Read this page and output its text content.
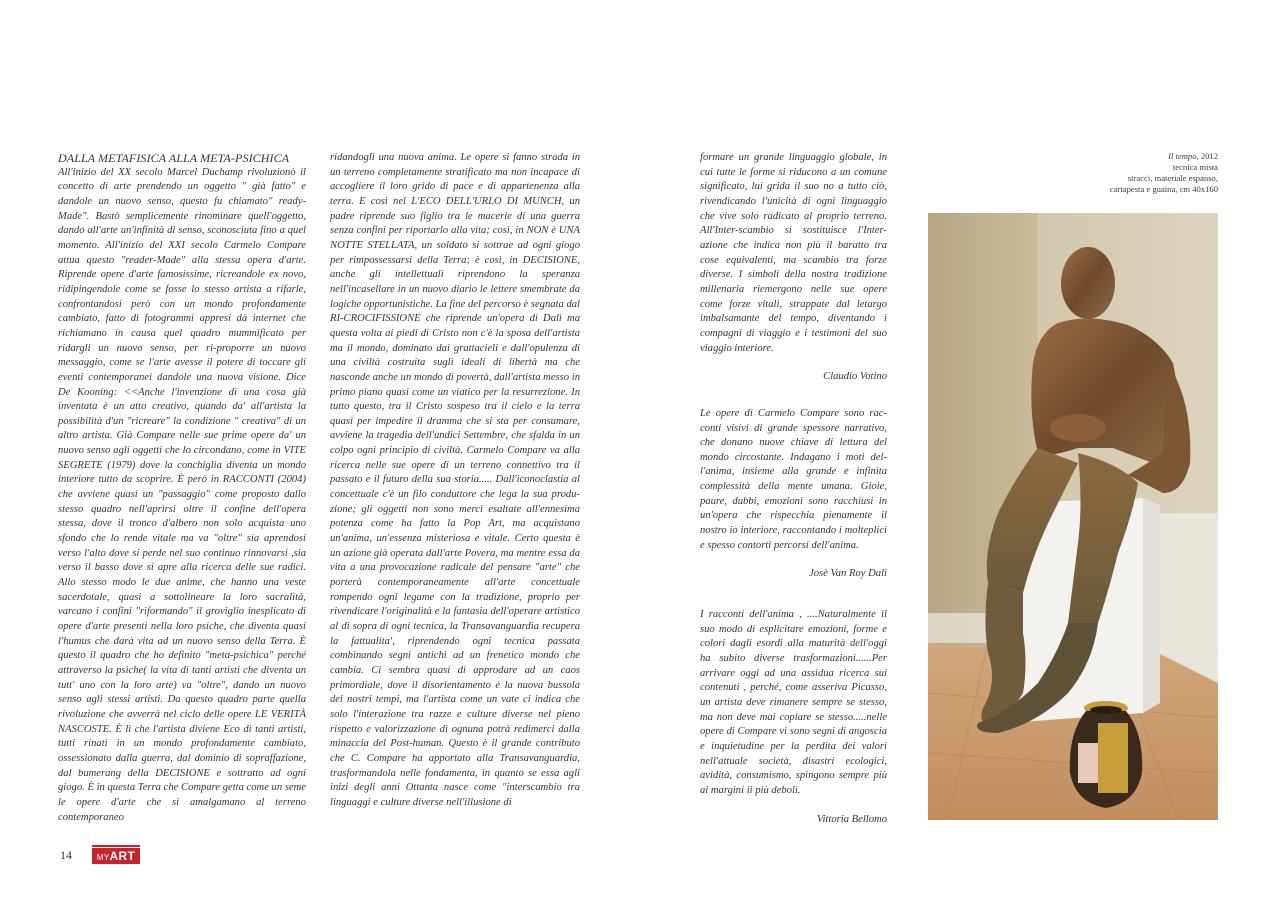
DALLA METAFISICA ALLA META-PSICHICA

All'inizio del XX secolo Marcel Duchamp rivoluzionò il concetto di arte prendendo un oggetto " già fatto" e dandole un nuovo senso, questo fu chiamato" ready-Made". Bastò semplicemente rinominare quell'oggetto, dando all'arte un'infinità di senso, sconosciuta fino a quel momento. All'inizio del XXI secolo Carmelo Compare attua questo "reader-Made" alla stessa opera d'arte. Riprende opere d'arte famosissime, ricreandole ex novo, ridipingendole come se fosse lo stesso artista a rifarle, confrontandosi però con un mondo profondamente cambiato, fatto di fotogrammi appresi dà internet che richiamano in causa quel quadro mummificato per ridargli un nuovo senso, per ri-proporre un nuovo messaggio, come se l'arte avesse il potere di toccare gli eventi contemporanei dandole una nuova visione. Dice De Kooning: <<Anche l'invenzione di una cosa già inventata è un atto creativo, quando da' all'artista la possibilità d'un "ricreare" la condizione " creativa" di un altro artista. Già Compare nelle sue prime opere da' un nuovo senso agli oggetti che lo circondano, come in VITE SEGRETE (1979) dove la conchiglia diventa un mondo interiore tutto da scoprire. È però in RACCONTI (2004) che avviene quasi un "passaggio" come proposto dallo stesso quadro nell'aprirsi oltre il confine dell'opera stessa, dove il tronco d'albero non solo acquista uno sfondo che lo rende vitale ma va "oltre" sia aprendosi verso l'alto dove si perde nel suo continuo rinnovarsi ,sia verso il basso dove si apre alla ricerca delle sue radici. Allo stesso modo le due anime, che hanno una veste sacerdotale, quasi a sottolineare la loro sacralità, varcano i confini "riformando" il groviglio inesplicato di opere d'arte presenti nella loro psiche, che diventa quasi l'humus che darà vita ad un nuovo senso della Terra. È questo il quadro che ho definito "meta-psichica" perché attraverso la psiche( la vita di tanti artisti che diventa un tutt' uno con la loro arte) va "oltre", dando un nuovo senso agli stessi artisti. Da questo quadro parte quella rivoluzione che avverrà nel ciclo delle opere LE VERITÀ NASCOSTE. È lì che l'artista diviene Eco di tanti artisti, tutti rinati in un mondo profondamente cambiato, ossessionato dalla guerra, dal dominio di sopraffazione, dal bumerang della DECISIONE e sottratto ad ogni giogo. È in questa Terra che Compare getta come un seme le opere d'arte che si amalgamano al terreno contemporaneo

ridandogli una nuova anima. Le opere si fanno strada in un terreno completamente stratificato ma non incapace di accogliere il loro grido di pace e di appartenenza alla terra. E così nel L'ECO DELL'URLO DI MUNCH, un padre riprende suo figlio tra le macerie di una guerra senza confini per riportarlo alla vita; così, in NON è UNA NOTTE STELLATA, un soldato si sottrae ad ogni giogo per rimpossessarsi della Terra; è così, in DECISIONE, anche gli intellettuali riprendono la speranza nell'incasellare in un nuovo diario le lettere smembrate da logiche opportunistiche. La fine del percorso è segnata dal RI-CROCIFISSIONE che riprende un'opera di Dalì ma questa volta ai piedi di Cristo non c'è la sposa dell'artista ma il mondo, dominato dai grattacieli e dall'opulenza di una civiltà costruita sugli ideali di libertà ma che nasconde anche un mondo di povertà, dall'artista messo in primo piano quasi come un viatico per la resurrezione. In tutto questo, tra il Cristo sospeso tra il cielo e la terra quasi per impedire il dramma che si sta per consumare, avviene la tragedia dell'undici Settembre, che sfalda in un colpo ogni principio di civiltà. Carmelo Compare va alla ricerca nelle sue opere di un terreno connettivo tra il passato e il futuro della sua storia..... Dall'iconoclastia al concettuale c'è un filo conduttore che lega la sua produzione; gli oggetti non sono merci esaltate all'ennesima potenza come ha fatto la Pop Art, ma acquistano un'anima, un'essenza misteriosa e vitale. Certo questa è un azione già operata dall'arte Povera, ma mentre essa da vita a una provocazione radicale del pensare "arte" che porterà contemporaneamente all'arte concettuale rompendo ogni legame con la tradizione, proprio per rivendicare l'originalità e la fantasia dell'operare artistico al di sopra di ogni tecnica, la Transavanguardia recupera la fattualita', riprendendo ogni tecnica passata combinando segni antichi ad un frenetico mondo che cambia. Ci sembra quasi di approdare ad un caos primordiale, dove il disorientamento è la nuova bussola dei nostri tempi, ma l'artista come un vate ci indica che solo l'interazione tra razze e culture diverse nel pieno rispetto e valorizzazione di ognuna potrà redimerci dalla minaccia del Post-human. Questo è il grande contributo che C. Compare ha apportato alla Transavanguardia, trasformandola nelle fondamenta, in quanto se essa agli inizi degli anni Ottanta nasce come "interscambio tra linguaggi e culture diverse nell'illusione di

formare un grande linguaggio globale, in cui tutte le forme si riducono a un comune significato, lui grida il suo no a tutto ciò, rivendicando l'unicità di ogni linguaggio che vive solo radicato al proprio terreno. All'Inter-scambio si sostituisce l'Inter-azione che indica non più il baratto tra cose equivalenti, ma scambio tra forze diverse. I simboli della nostra tradizione millenaria riemergono nelle sue opere come forze vitali, strappate dal letargo imbalsamante del tempo, diventando i compagni di viaggio e i testimoni del suo viaggio interiore.

Claudio Votino

Le opere di Carmelo Compare sono racconti visivi di grande spessore narrativo, che donano nuove chiave di lettura del mondo circostante. Indagano i moti dell'anima, insieme alla grande e infinita complessità della mente umana. Gioie, paure, dubbi, emozioni sono racchiusi in un'opera che rispecchia pienamente il nostro io interiore, raccontando i molteplici e spesso contorti percorsi dell'anima.

Josè Van Roy Dali

I racconti dell'anima , ....Naturalmente il suo modo di esplicitare emozioni, forme e colori dagli esordi alla maturità dell'oggi ha subito diverse trasformazioni......Per arrivare oggi ad una assidua ricerca sui contenuti , perché, come asseriva Picasso, un artista deve rimanere sempre se stesso, ma non deve mai copiare se stesso.....nelle opere di Compare vi sono segni di angoscia e inquietudine per la perdita dei valori nell'attuale società, disastri ecologici, avidità, consumismo, spingono sempre più ai margini ii più deboli.

Vittoria Bellomo

Il tempo, 2012
tecnica mista
stracci, materiale espanso,
cartapesta e guaina, cm 40x160
14	MYART
